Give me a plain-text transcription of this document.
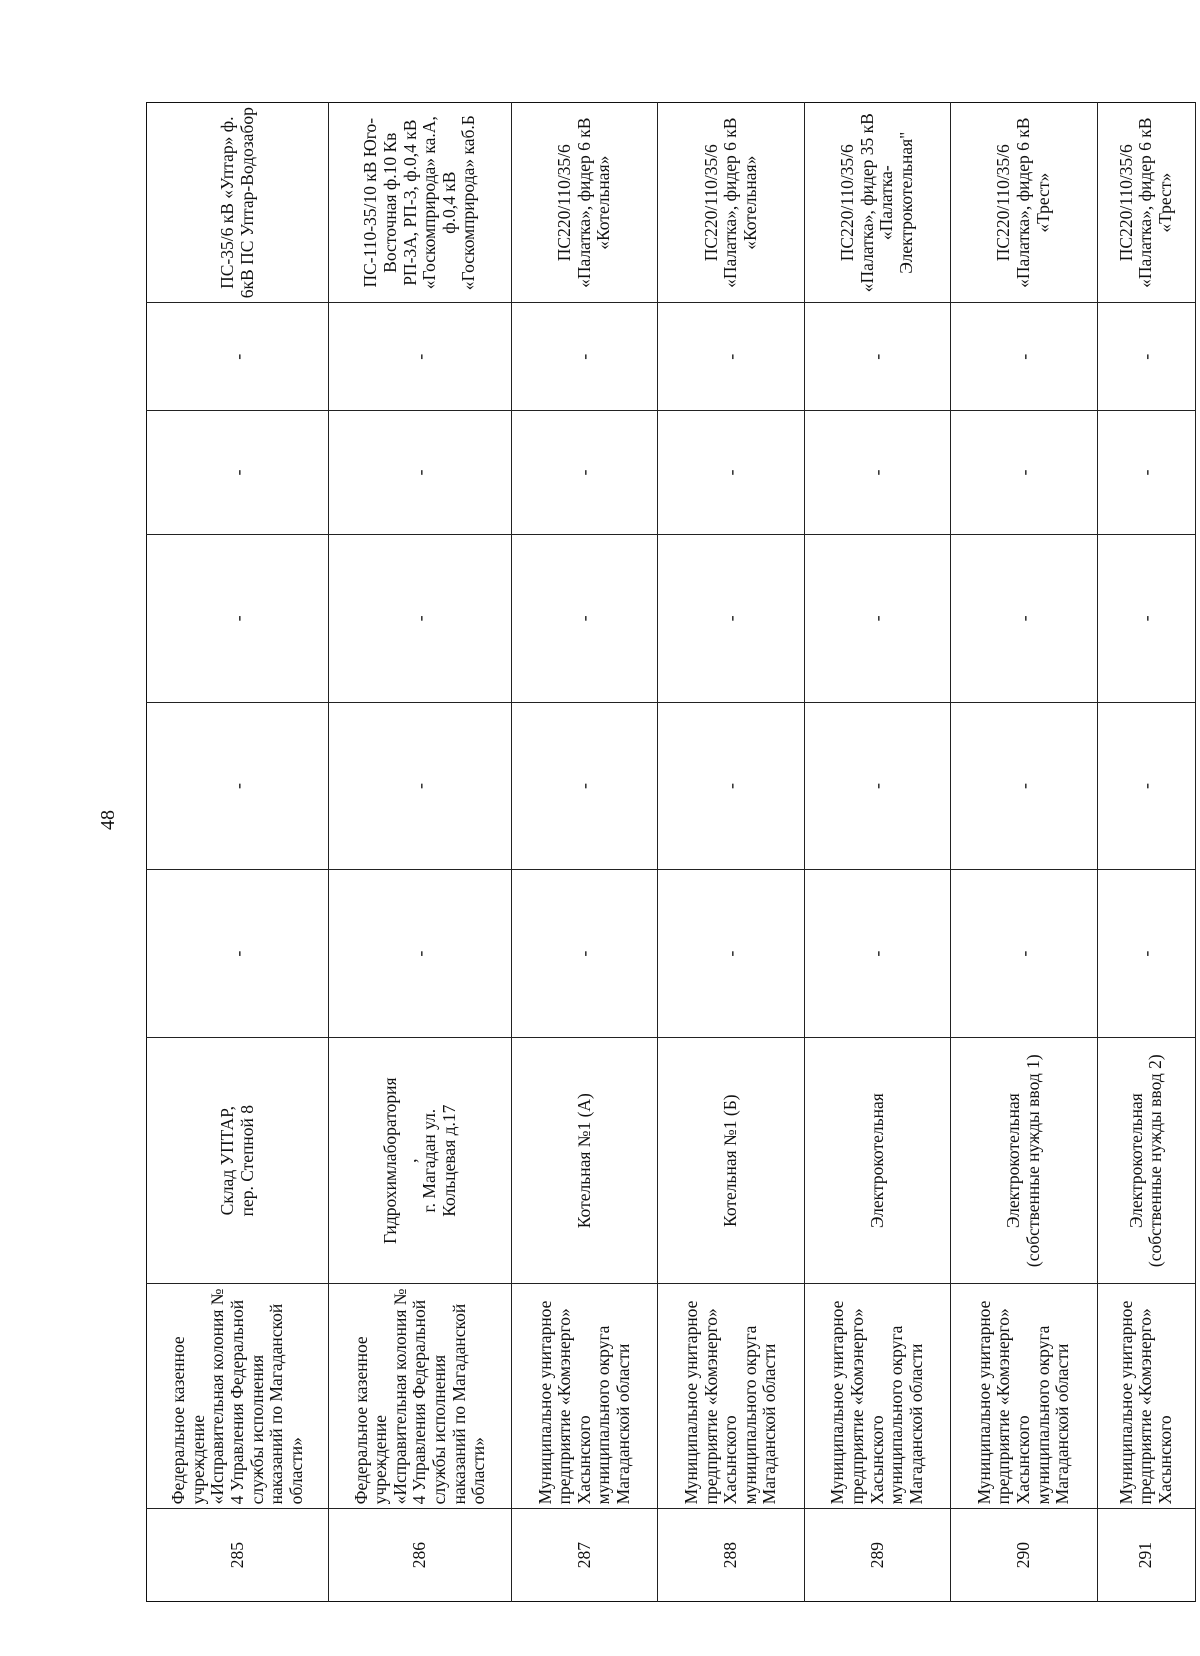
48
285	Федеральное казенное учреждение «Исправительная колония № 4 Управления Федеральной службы исполнения наказаний по Магаданской области»	Склад УПТАР,
пер. Степной 8	-	-	-	-	-	ПС-35/6 кВ «Уптар» ф. 6кВ ПС Уптар-Водозабор
286	Федеральное казенное учреждение «Исправительная колония № 4 Управления Федеральной службы исполнения наказаний по Магаданской области»	Гидрохимлаборатория
,
г. Магадан ул.
Кольцевая д.17	-	-	-	-	-	ПС-110-35/10 кВ Юго-Восточная ф.10 Кв РП-3А, РП-3, ф.0,4 кВ «Госкомприрода» ка.А, ф.0,4 кВ «Госкомприрода» каб.Б
287	Муниципальное унитарное предприятие «Комэнерго» Хасынского муниципального округа Магаданской области	Котельная №1 (А)	-	-	-	-	-	ПС220/110/35/6 «Палатка», фидер 6 кВ «Котельная»
288	Муниципальное унитарное предприятие «Комэнерго» Хасынского муниципального округа Магаданской области	Котельная №1 (Б)	-	-	-	-	-	ПС220/110/35/6 «Палатка», фидер 6 кВ «Котельная»
289	Муниципальное унитарное предприятие «Комэнерго» Хасынского муниципального округа Магаданской области	Электрокотельная	-	-	-	-	-	ПС220/110/35/6 «Палатка», фидер 35 кВ «Палатка-Электрокотельная"
290	Муниципальное унитарное предприятие «Комэнерго» Хасынского муниципального округа Магаданской области	Электрокотельная (собственные нужды ввод 1)	-	-	-	-	-	ПС220/110/35/6 «Палатка», фидер 6 кВ «Трест»
291	Муниципальное унитарное предприятие «Комэнерго» Хасынского	Электрокотельная (собственные нужды ввод 2)	-	-	-	-	-	ПС220/110/35/6 «Палатка», фидер 6 кВ «Трест»
